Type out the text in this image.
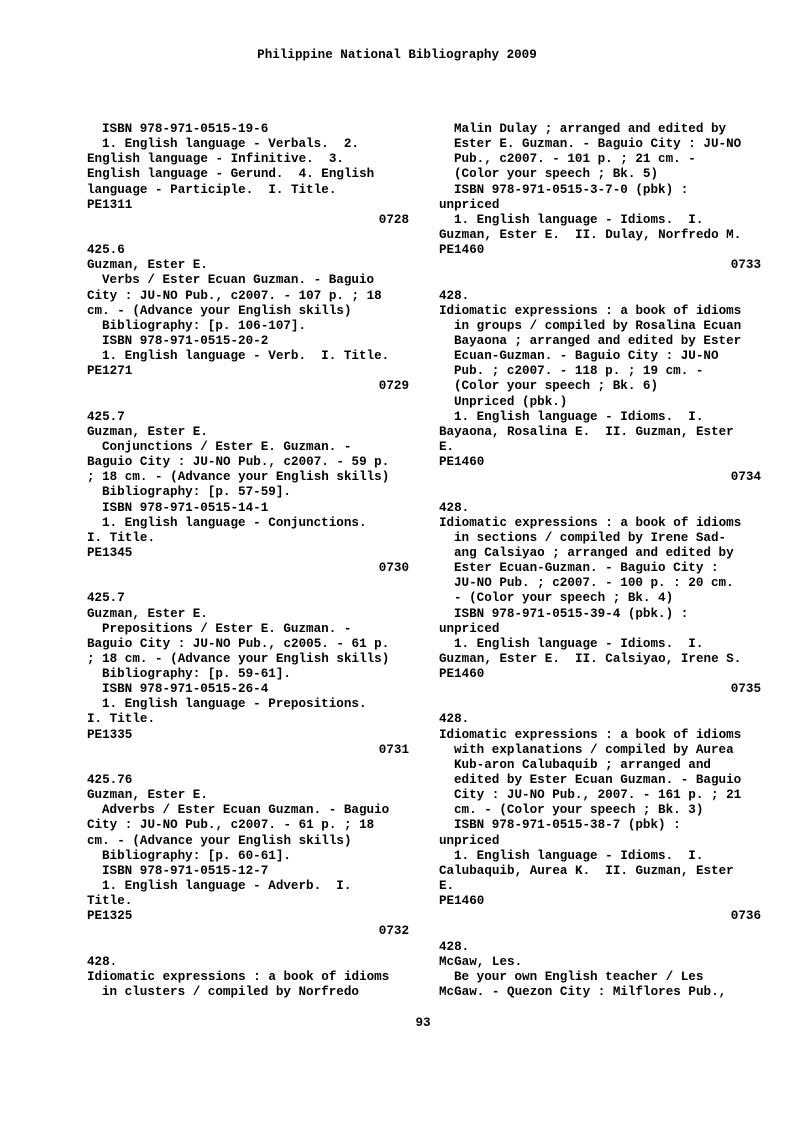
Philippine National Bibliography 2009
ISBN 978-971-0515-19-6
1. English language - Verbals.  2.
English language - Infinitive.  3.
English language - Gerund.  4. English
language - Participle.  I. Title.
PE1311
0728
425.6
Guzman, Ester E.
Verbs / Ester Ecuan Guzman. - Baguio
City : JU-NO Pub., c2007. - 107 p. ; 18
cm. - (Advance your English skills)
Bibliography: [p. 106-107].
ISBN 978-971-0515-20-2
1. English language - Verb.  I. Title.
PE1271
0729
425.7
Guzman, Ester E.
Conjunctions / Ester E. Guzman. -
Baguio City : JU-NO Pub., c2007. - 59 p.
; 18 cm. - (Advance your English skills)
Bibliography: [p. 57-59].
ISBN 978-971-0515-14-1
1. English language - Conjunctions.
I. Title.
PE1345
0730
425.7
Guzman, Ester E.
Prepositions / Ester E. Guzman. -
Baguio City : JU-NO Pub., c2005. - 61 p.
; 18 cm. - (Advance your English skills)
Bibliography: [p. 59-61].
ISBN 978-971-0515-26-4
1. English language - Prepositions.
I. Title.
PE1335
0731
425.76
Guzman, Ester E.
Adverbs / Ester Ecuan Guzman. - Baguio
City : JU-NO Pub., c2007. - 61 p. ; 18
cm. - (Advance your English skills)
Bibliography: [p. 60-61].
ISBN 978-971-0515-12-7
1. English language - Adverb.  I.
Title.
PE1325
0732
428.
Idiomatic expressions : a book of idioms
in clusters / compiled by Norfredo
Malin Dulay ; arranged and edited by
Ester E. Guzman. - Baguio City : JU-NO
Pub., c2007. - 101 p. ; 21 cm. -
(Color your speech ; Bk. 5)
ISBN 978-971-0515-3-7-0 (pbk) :
unpriced
1. English language - Idioms.  I.
Guzman, Ester E.  II. Dulay, Norfredo M.
PE1460
0733
428.
Idiomatic expressions : a book of idioms
in groups / compiled by Rosalina Ecuan
Bayaona ; arranged and edited by Ester
Ecuan-Guzman. - Baguio City : JU-NO
Pub. ; c2007. - 118 p. ; 19 cm. -
(Color your speech ; Bk. 6)
Unpriced (pbk.)
1. English language - Idioms.  I.
Bayaona, Rosalina E.  II. Guzman, Ester
E.
PE1460
0734
428.
Idiomatic expressions : a book of idioms
in sections / compiled by Irene Sad-
ang Calsiyao ; arranged and edited by
Ester Ecuan-Guzman. - Baguio City :
JU-NO Pub. ; c2007. - 100 p. : 20 cm.
- (Color your speech ; Bk. 4)
ISBN 978-971-0515-39-4 (pbk.) :
unpriced
1. English language - Idioms.  I.
Guzman, Ester E.  II. Calsiyao, Irene S.
PE1460
0735
428.
Idiomatic expressions : a book of idioms
with explanations / compiled by Aurea
Kub-aron Calubaquib ; arranged and
edited by Ester Ecuan Guzman. - Baguio
City : JU-NO Pub., 2007. - 161 p. ; 21
cm. - (Color your speech ; Bk. 3)
ISBN 978-971-0515-38-7 (pbk) :
unpriced
1. English language - Idioms.  I.
Calubaquib, Aurea K.  II. Guzman, Ester
E.
PE1460
0736
428.
McGaw, Les.
Be your own English teacher / Les
McGaw. - Quezon City : Milflores Pub.,
93
